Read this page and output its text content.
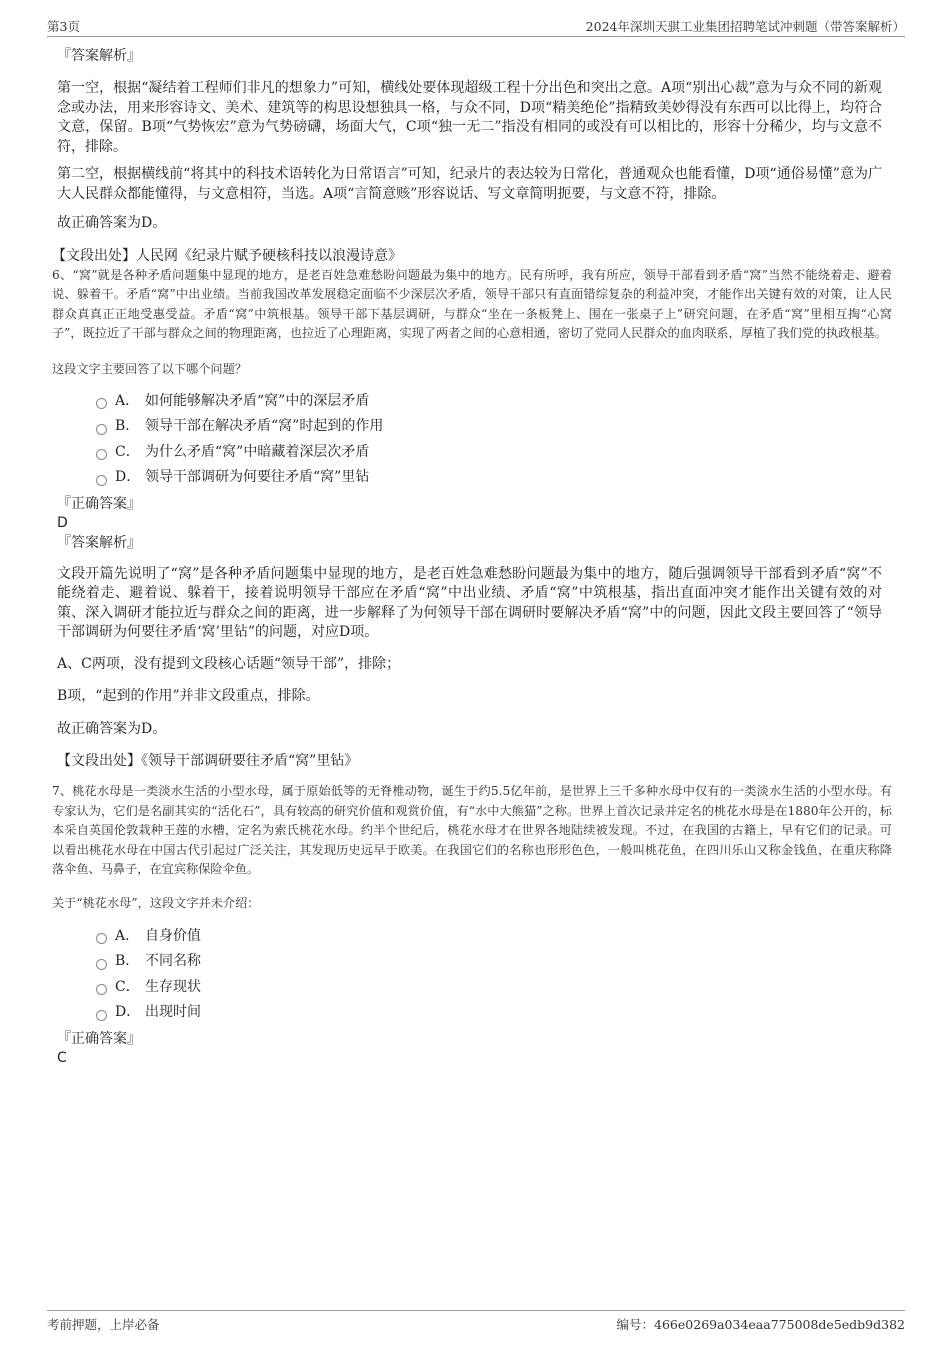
第3页	2024年深圳天骐工业集团招聘笔试冲刺题（带答案解析）
『答案解析』

第一空，根据“凝结着工程师们非凡的想象力”可知，横线处要体现超级工程十分出色和突出之意。A项“别出心裁”意为与众不同的新观念或办法，用来形容诗文、美术、建筑等的构思设想独具一格，与众不同，D项“精美绝伦”指精致美妙得没有东西可以比得上，均符合文意，保留。B项“气势恢宏”意为气势磅礴，场面大气，C项“独一无二”指没有相同的或没有可以相比的，形容十分稀少，均与文意不符，排除。

第二空，根据横线前“将其中的科技术语转化为日常语言”可知，纪录片的表达较为日常化，普通观众也能看懂，D项“通俗易懂”意为广大人民群众都能懂得，与文意相符，当选。A项“言简意赅”形容说话、写文章简明扼要，与文意不符，排除。

故正确答案为D。

【文段出处】人民网《纪录片赋予硬核科技以浪漫诗意》

6、“窝”就是各种矛盾问题集中显现的地方，是老百姓急难愁盼问题最为集中的地方。民有所呼，我有所应，领导干部看到矛盾“窝”当然不能绕着走、避着说、躲着干。矛盾“窝”中出业绩。当前我国改革发展稳定面临不少深层次矛盾，领导干部只有直面错综复杂的利益冲突，才能作出关键有效的对策，让人民群众真真正正地受惠受益。矛盾“窝”中筑根基。领导干部下基层调研，与群众“坐在一条板凳上、围在一张桌子上”研究问题，在矛盾“窝”里相互掏“心窝子”，既拉近了干部与群众之间的物理距离，也拉近了心理距离，实现了两者之间的心意相通，密切了党同人民群众的血肉联系，厚植了我们党的执政根基。

这段文字主要回答了以下哪个问题？
A． 如何能够解决矛盾“窝”中的深层矛盾
B． 领导干部在解决矛盾“窝”时起到的作用
C． 为什么矛盾“窝”中暗藏着深层次矛盾
D． 领导干部调研为何要往矛盾“窝”里钻
『正确答案』
D
『答案解析』

文段开篇先说明了“窝”是各种矛盾问题集中显现的地方，是老百姓急难愁盼问题最为集中的地方，随后强调领导干部看到矛盾“窝”不能绕着走、避着说、躲着干，接着说明领导干部应在矛盾“窝”中出业绩、矛盾“窝”中筑根基，指出直面冲突才能作出关键有效的对策、深入调研才能拉近与群众之间的距离，进一步解释了为何领导干部在调研时要解决矛盾“窝”中的问题，因此文段主要回答了“领导干部调研为何要往矛盾‘窝’里钻”的问题，对应D项。

A、C两项，没有提到文段核心话题“领导干部”，排除；

B项，“起到的作用”并非文段重点，排除。

故正确答案为D。

【文段出处】《领导干部调研要往矛盾“窝”里钻》

7、桃花水母是一类淡水生活的小型水母，属于原始低等的无脊椎动物，诞生于约5.5亿年前，是世界上三千多种水母中仅有的一类淡水生活的小型水母。有专家认为，它们是名副其实的“活化石”，具有较高的研究价值和观赏价值，有“水中大熊猫”之称。世界上首次记录并定名的桃花水母是在1880年公开的，标本采自英国伦敦栽种王莲的水槽，定名为索氏桃花水母。约半个世纪后，桃花水母才在世界各地陆续被发现。不过，在我国的古籍上，早有它们的记录。可以看出桃花水母在中国古代引起过广泛关注，其发现历史远早于欧美。在我国它们的名称也形形色色，一般叫桃花鱼，在四川乐山又称金钱鱼，在重庆称降落伞鱼、马鼻子，在宜宾称保险伞鱼。

关于“桃花水母”，这段文字并未介绍：
A． 自身价值
B． 不同名称
C． 生存现状
D． 出现时间
『正确答案』
C
考前押题，上岸必备	编号：466e0269a034eaa775008de5edb9d382
